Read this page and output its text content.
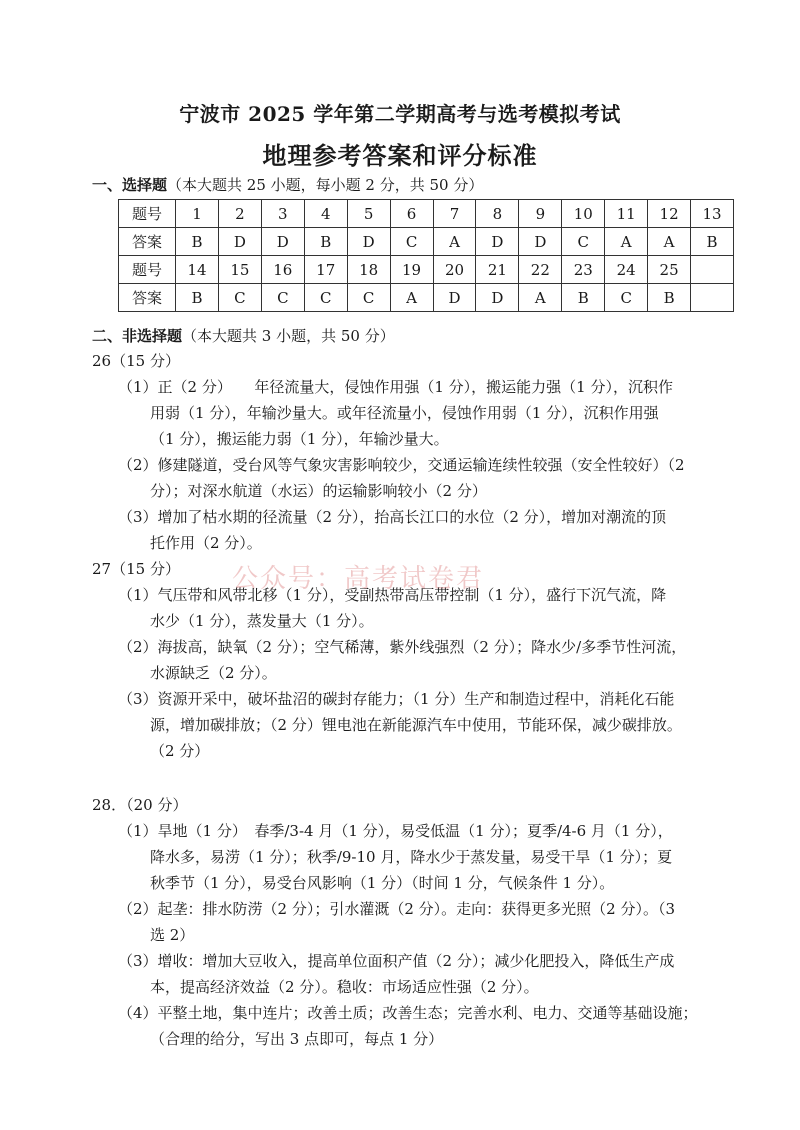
宁波市 2025 学年第二学期高考与选考模拟考试
地理参考答案和评分标准
一、选择题（本大题共 25 小题，每小题 2 分，共 50 分）
题号	1	2	3	4	5	6	7	8	9	10	11	12	13
答案	B	D	D	B	D	C	A	D	D	C	A	A	B
题号	14	15	16	17	18	19	20	21	22	23	24	25	
答案	B	C	C	C	C	A	D	D	A	B	C	B	
二、非选择题（本大题共 3 小题，共 50 分）
公众号：高考试卷君
26（15 分）
（1）正（2 分）　　年径流量大，侵蚀作用强（1 分），搬运能力强（1 分），沉积作
用弱（1 分），年输沙量大。或年径流量小，侵蚀作用弱（1 分），沉积作用强
（1 分），搬运能力弱（1 分），年输沙量大。
（2）修建隧道，受台风等气象灾害影响较少，交通运输连续性较强（安全性较好）（2
分）；对深水航道（水运）的运输影响较小（2 分）
（3）增加了枯水期的径流量（2 分），抬高长江口的水位（2 分），增加对潮流的顶
托作用（2 分）。
27（15 分）
（1）气压带和风带北移（1 分），受副热带高压带控制（1 分），盛行下沉气流，降
水少（1 分），蒸发量大（1 分）。
（2）海拔高，缺氧（2 分）；空气稀薄，紫外线强烈（2 分）；降水少/多季节性河流，
水源缺乏（2 分）。
（3）资源开采中，破坏盐沼的碳封存能力；（1 分）生产和制造过程中，消耗化石能
源，增加碳排放；（2 分）锂电池在新能源汽车中使用，节能环保，减少碳排放。
（2 分）
28．（20 分）
（1）旱地（1 分）　春季/3-4 月（1 分），易受低温（1 分）；夏季/4-6 月（1 分），
降水多，易涝（1 分）；秋季/9-10 月，降水少于蒸发量，易受干旱（1 分）；夏
秋季节（1 分），易受台风影响（1 分）（时间 1 分，气候条件 1 分）。
（2）起垄：排水防涝（2 分）；引水灌溉（2 分）。走向：获得更多光照（2 分）。（3
选 2）
（3）增收：增加大豆收入，提高单位面积产值（2 分）；减少化肥投入，降低生产成
本，提高经济效益（2 分）。稳收：市场适应性强（2 分）。
（4）平整土地，集中连片；改善土质；改善生态；完善水利、电力、交通等基础设施；
（合理的给分，写出 3 点即可，每点 1 分）
